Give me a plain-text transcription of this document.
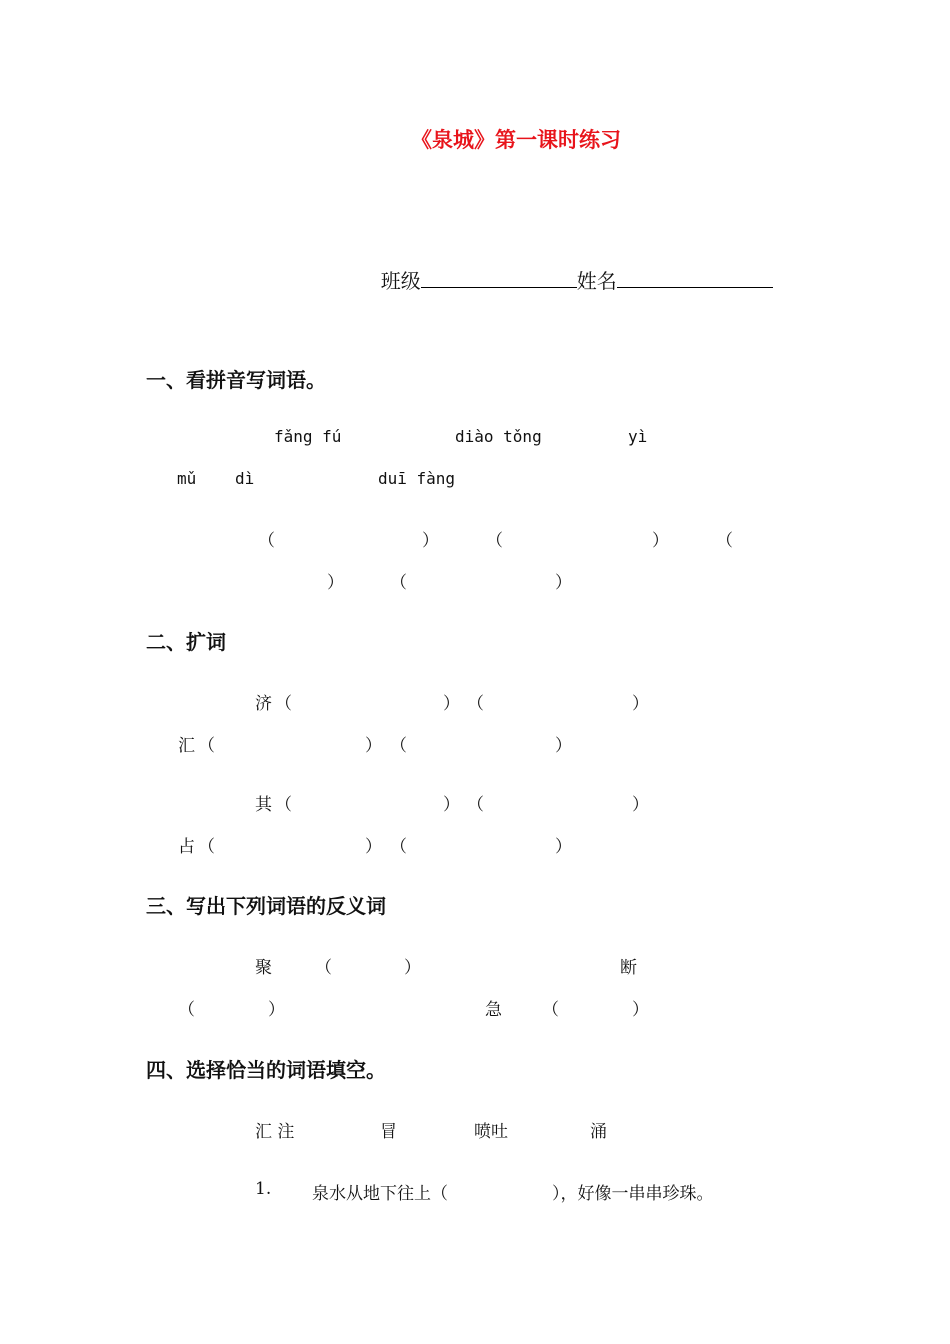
《泉城》第一课时练习

班级	姓名

一、看拼音写词语。
fǎng fú	diào tǒng	yì
mǔ dì	duī fàng
（	）	（	）	（
）	（	）
二、扩词
济 （	） （	）
汇 （	） （	）
其 （	） （	）
占 （	） （	）
三、写出下列词语的反义词
聚	（	）	断
（	）	急 （	）
四、选择恰当的词语填空。
汇 注	冒	喷吐	涌
1. 泉水从地下往上（	），好像一串串珍珠。
